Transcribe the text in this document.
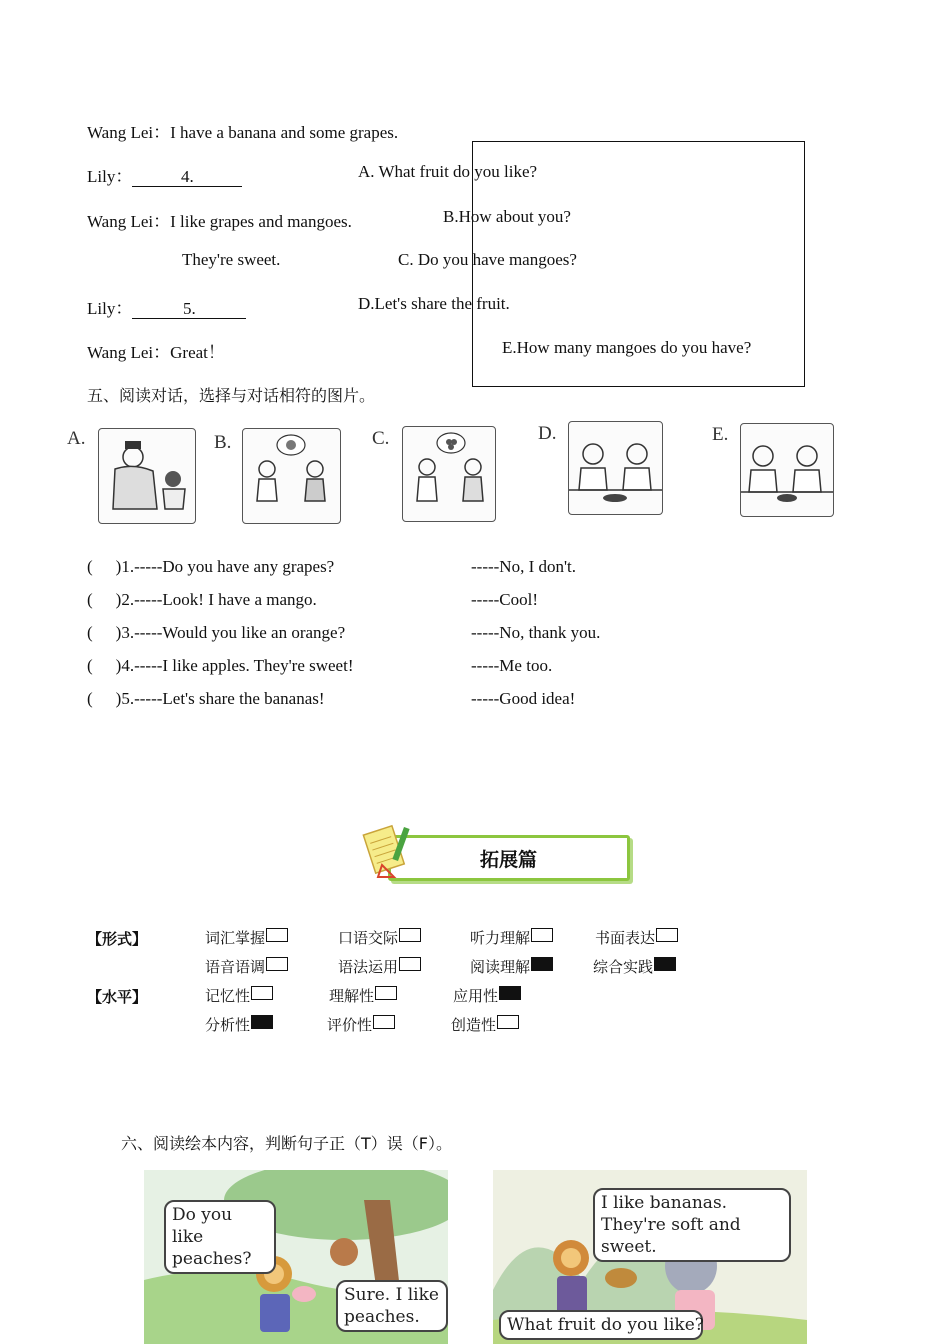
Wang Lei：I have a banana and some grapes.
Lily：	4.
Wang Lei：I like grapes and mangoes.
They're sweet.
Lily：	5.
Wang Lei：Great！
A. What fruit do you like?
B.How about you?
C. Do you have mangoes?
D.Let's share the fruit.
E.How many mangoes do you have?
五、阅读对话，选择与对话相符的图片。
A.	B.	C.	D.	E.
( )1.-----Do you have any grapes?	-----No, I don't.
( )2.-----Look! I have a mango.	-----Cool!
( )3.-----Would you like an orange?	-----No, thank you.
( )4.-----I like apples. They're sweet!	-----Me too.
( )5.-----Let's share the bananas!	-----Good idea!
拓展篇
【形式】
【水平】
词汇掌握	口语交际	听力理解	书面表达
语音语调	语法运用	阅读理解	综合实践
记忆性	理解性	应用性
分析性	评价性	创造性
六、阅读绘本内容，判断句子正（T）误（F）。
Do you like peaches?
Sure. I like peaches.
I like bananas. They're soft and sweet.
What fruit do you like?
